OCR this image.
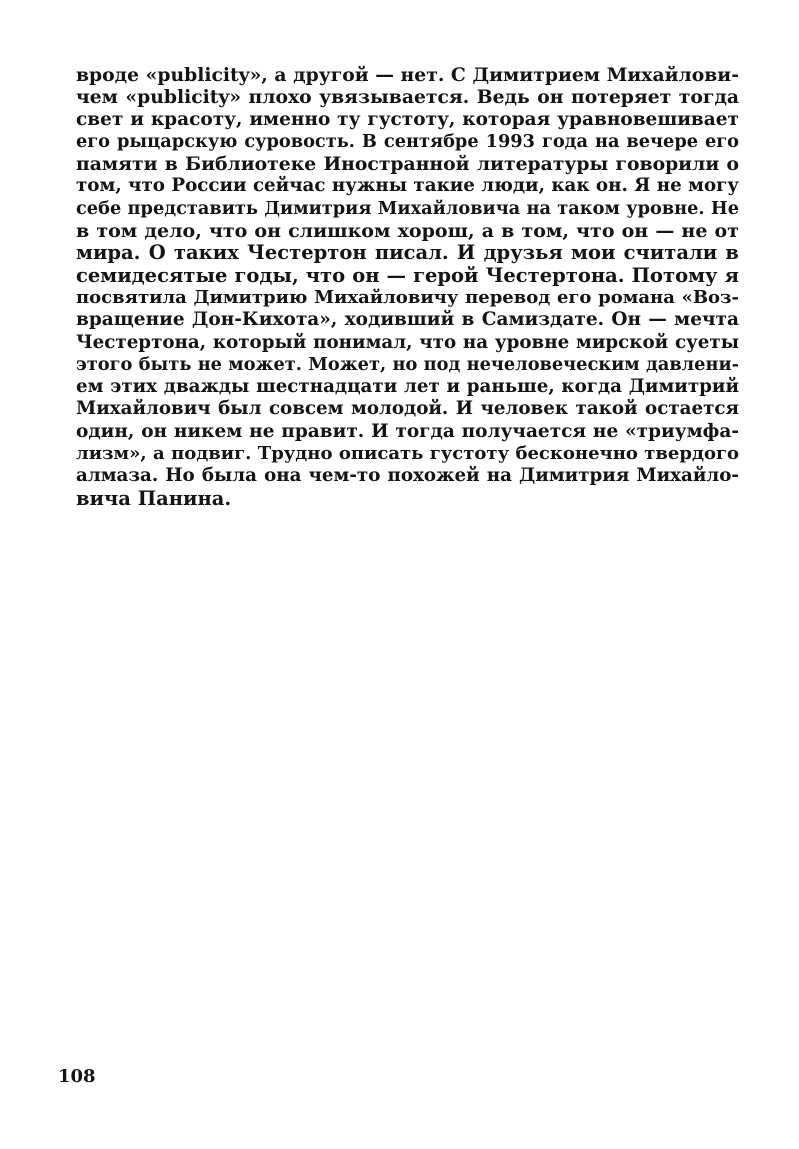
вроде «publicity», а другой — нет. С Димитрием Михайлови-
чем «publicity» плохо увязывается. Ведь он потеряет тогда
свет и красоту, именно ту густоту, которая уравновешивает
его рыцарскую суровость. В сентябре 1993 года на вечере его
памяти в Библиотеке Иностранной литературы говорили о
том, что России сейчас нужны такие люди, как он. Я не могу
себе представить Димитрия Михайловича на таком уровне. Не
в том дело, что он слишком хорош, а в том, что он — не от
мира. О таких Честертон писал. И друзья мои считали в
семидесятые годы, что он — герой Честертона. Потому я
посвятила Димитрию Михайловичу перевод его романа «Воз-
вращение Дон-Кихота», ходивший в Самиздате. Он — мечта
Честертона, который понимал, что на уровне мирской суеты
этого быть не может. Может, но под нечеловеческим давлени-
ем этих дважды шестнадцати лет и раньше, когда Димитрий
Михайлович был совсем молодой. И человек такой остается
один, он никем не правит. И тогда получается не «триумфа-
лизм», а подвиг. Трудно описать густоту бесконечно твердого
алмаза. Но была она чем-то похожей на Димитрия Михайло-
вича Панина.
108
